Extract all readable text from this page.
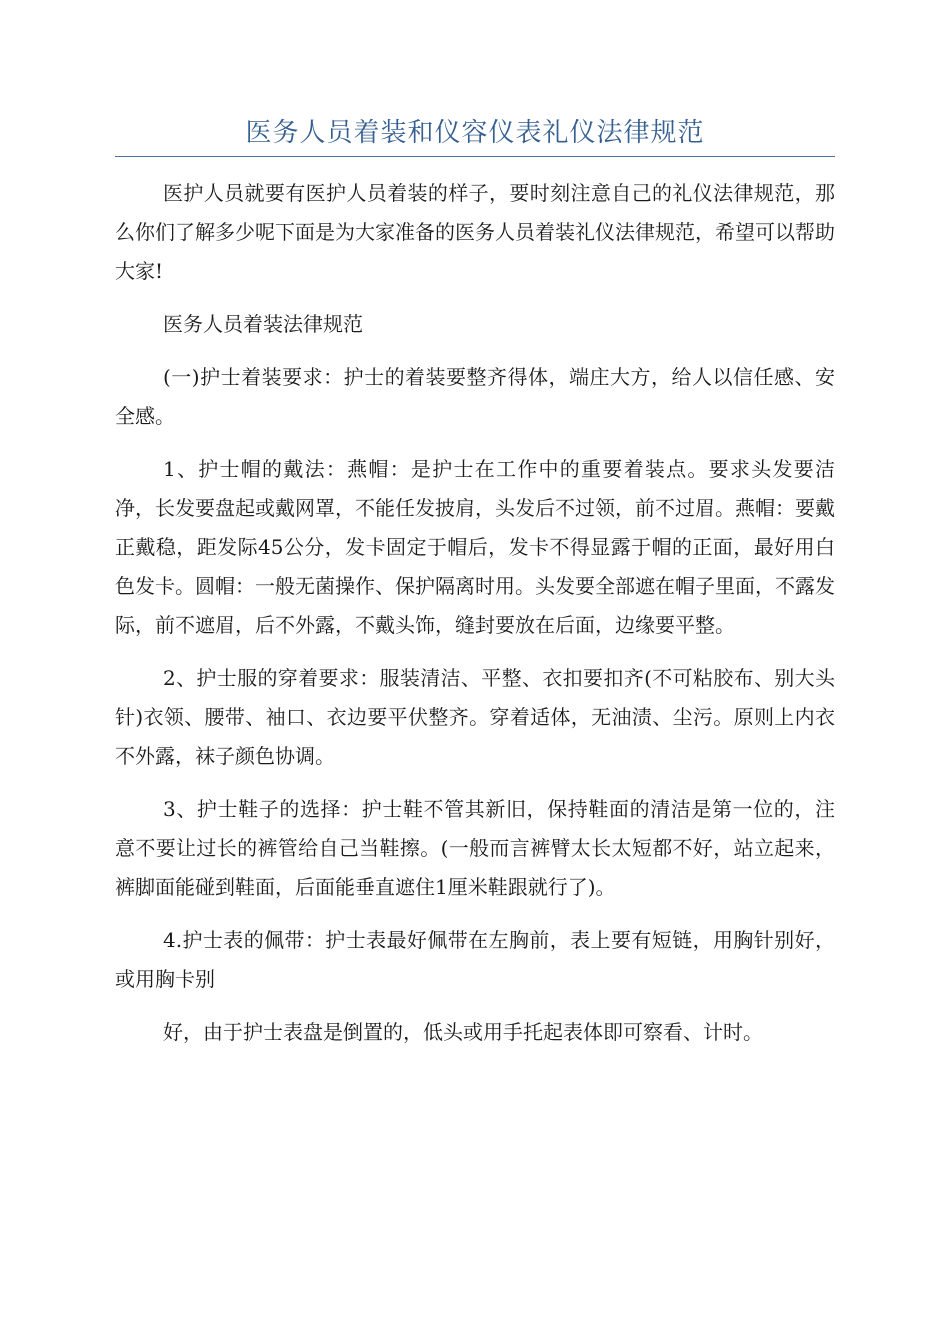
医务人员着装和仪容仪表礼仪法律规范

医护人员就要有医护人员着装的样子，要时刻注意自己的礼仪法律规范，那么你们了解多少呢下面是为大家准备的医务人员着装礼仪法律规范，希望可以帮助大家!

医务人员着装法律规范

(一)护士着装要求：护士的着装要整齐得体，端庄大方，给人以信任感、安全感。

1、护士帽的戴法：燕帽：是护士在工作中的重要着装点。要求头发要洁净，长发要盘起或戴网罩，不能任发披肩，头发后不过领，前不过眉。燕帽：要戴正戴稳，距发际45公分，发卡固定于帽后，发卡不得显露于帽的正面，最好用白色发卡。圆帽：一般无菌操作、保护隔离时用。头发要全部遮在帽子里面，不露发际，前不遮眉，后不外露，不戴头饰，缝封要放在后面，边缘要平整。

2、护士服的穿着要求：服装清洁、平整、衣扣要扣齐(不可粘胶布、别大头针)衣领、腰带、袖口、衣边要平伏整齐。穿着适体，无油渍、尘污。原则上内衣不外露，袜子颜色协调。

3、护士鞋子的选择：护士鞋不管其新旧，保持鞋面的清洁是第一位的，注意不要让过长的裤管给自己当鞋擦。(一般而言裤臂太长太短都不好，站立起来，裤脚面能碰到鞋面，后面能垂直遮住1厘米鞋跟就行了)。

4.护士表的佩带：护士表最好佩带在左胸前，表上要有短链，用胸针别好，或用胸卡别

好，由于护士表盘是倒置的，低头或用手托起表体即可察看、计时。
